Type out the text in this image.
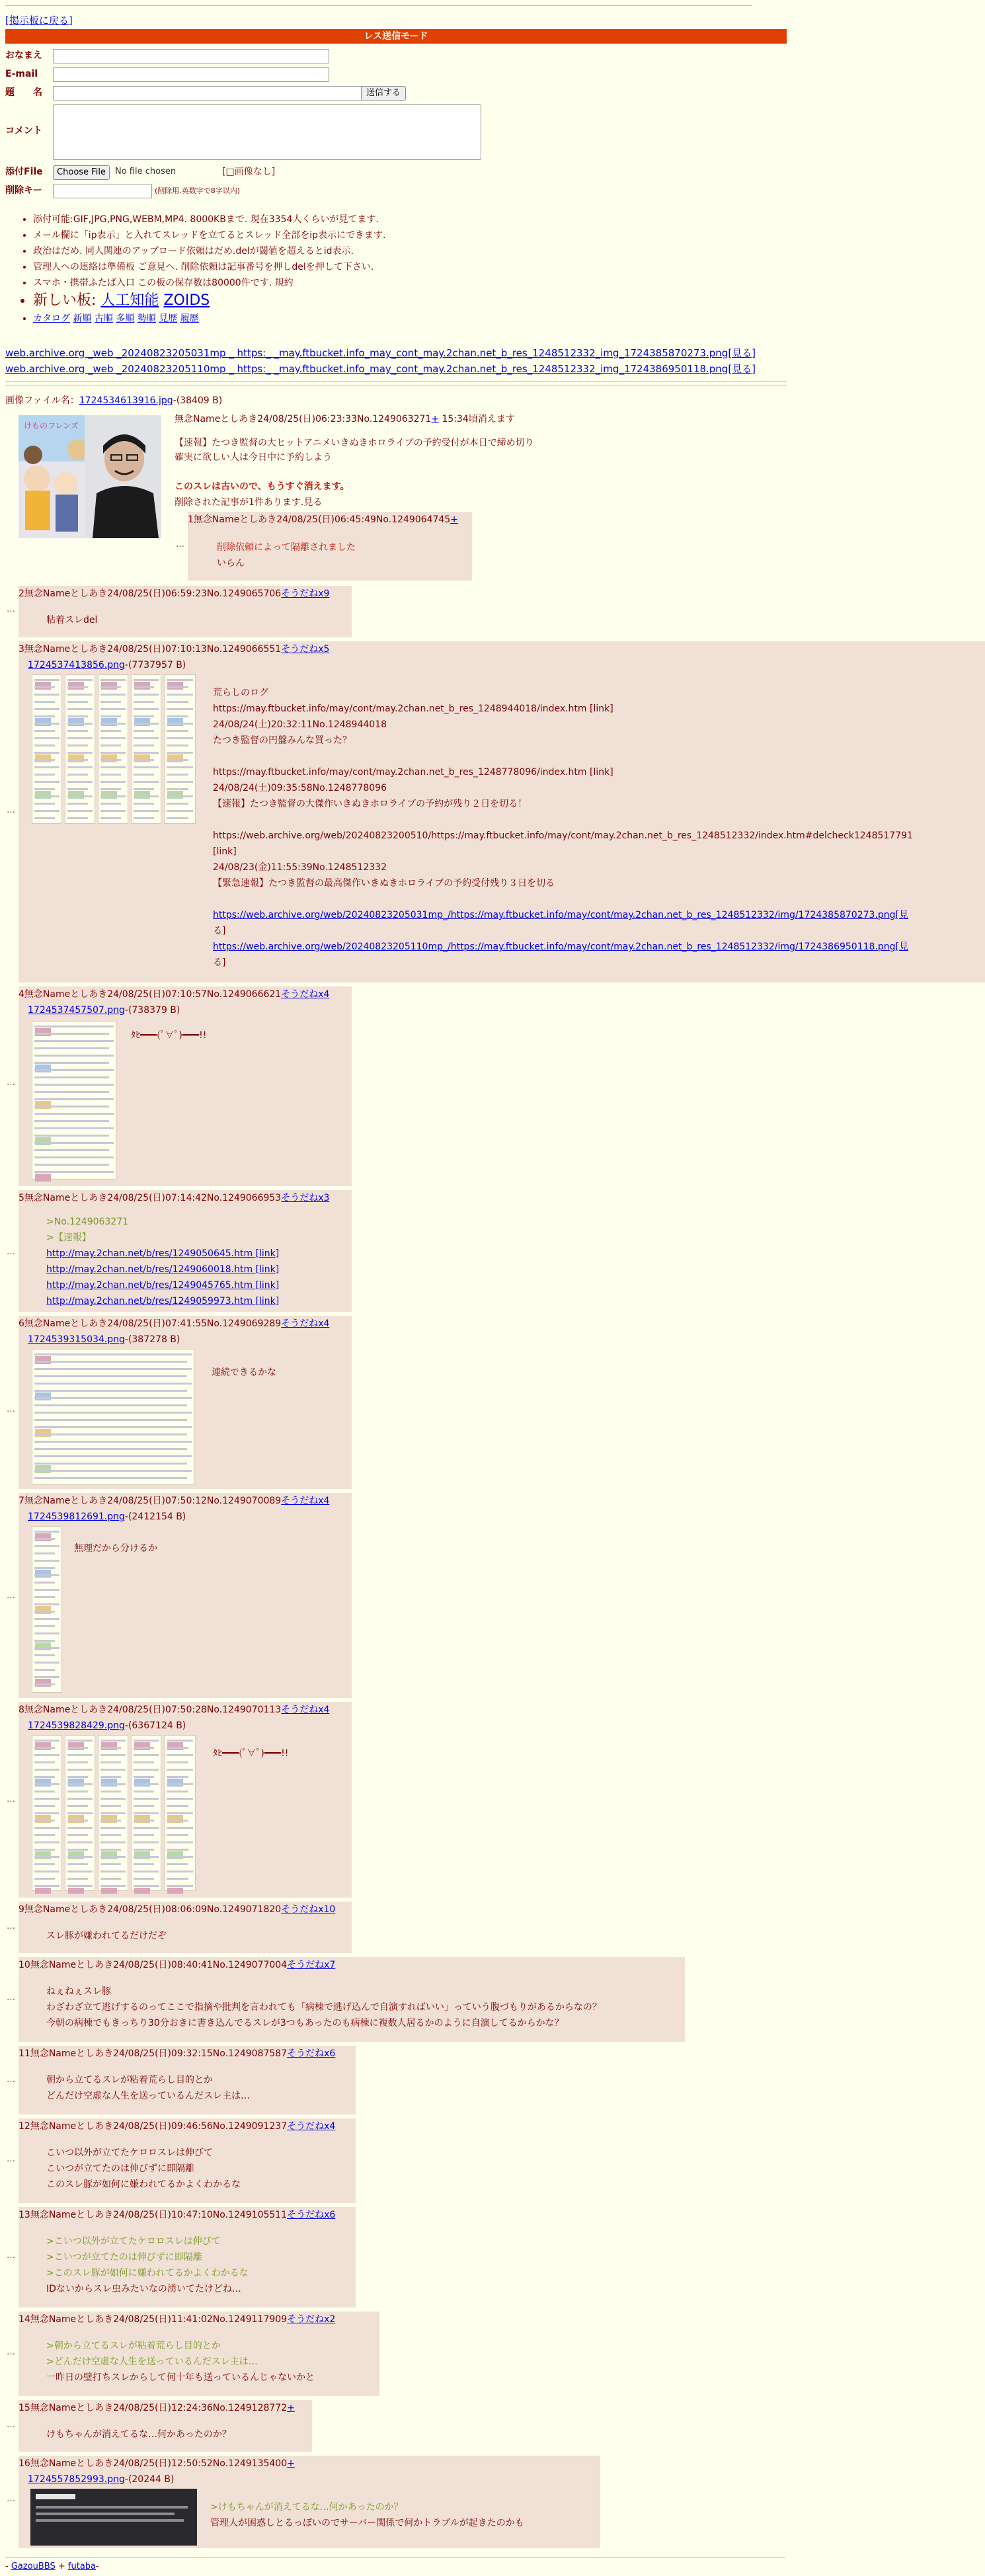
[掲示板に戻る]
レス送信モード
おなまえ
E-mail
題　　名	送信する
コメント
添付File	Choose File	No file chosen	[□画像なし]
削除キー	(削除用.英数字で8字以内)
• 添付可能:GIF,JPG,PNG,WEBM,MP4. 8000KBまで. 現在3354人くらいが見てます.
• メール欄に「ip表示」と入れてスレッドを立てるとスレッド全部をip表示にできます.
• 政治はだめ. 同人関連のアップロード依頼はだめ.delが閾値を超えるとid表示.
• 管理人への連絡は準備板 ご意見へ. 削除依頼は記事番号を押しdelを押して下さい.
• スマホ・携帯ふたば入口 この板の保存数は80000件です. 規約
• 新しい板: 人工知能 ZOIDS
• カタログ 新順 古順 多順 勢順 見歴 履歴
web.archive.org _web _20240823205031mp _ https:_ _may.ftbucket.info_may_cont_may.2chan.net_b_res_1248512332_img_1724385870273.png[見る]
web.archive.org _web _20240823205110mp _ https:_ _may.ftbucket.info_may_cont_may.2chan.net_b_res_1248512332_img_1724386950118.png[見る]
画像ファイル名：1724534613916.jpg-(38409 B)
けものフレンズ
無念Nameとしあき24/08/25(日)06:23:33No.1249063271+ 15:34頃消えます
【速報】たつき監督の大ヒットアニメいきぬきホロライブの予約受付が本日で締め切り
確実に欲しい人は今日中に予約しよう
このスレは古いので、もうすぐ消えます。
削除された記事が1件あります.見る
…
1無念Nameとしあき24/08/25(日)06:45:49No.1249064745+
削除依頼によって隔離されました
いらん
…
2無念Nameとしあき24/08/25(日)06:59:23No.1249065706そうだねx9
粘着スレdel
…
3無念Nameとしあき24/08/25(日)07:10:13No.1249066551そうだねx5
1724537413856.png-(7737957 B)
荒らしのログ
https://may.ftbucket.info/may/cont/may.2chan.net_b_res_1248944018/index.htm [link]
24/08/24(土)20:32:11No.1248944018
たつき監督の円盤みんな買った？
https://may.ftbucket.info/may/cont/may.2chan.net_b_res_1248778096/index.htm [link]
24/08/24(土)09:35:58No.1248778096
【速報】たつき監督の大傑作いきぬきホロライブの予約が残り２日を切る！
https://web.archive.org/web/20240823200510/https://may.ftbucket.info/may/cont/may.2chan.net_b_res_1248512332/index.htm#delcheck1248517791
[link]
24/08/23(金)11:55:39No.1248512332
【緊急速報】たつき監督の最高傑作いきぬきホロライブの予約受付残り３日を切る
https://web.archive.org/web/20240823205031mp_/https://may.ftbucket.info/may/cont/may.2chan.net_b_res_1248512332/img/1724385870273.png[見

る]
https://web.archive.org/web/20240823205110mp_/https://may.ftbucket.info/may/cont/may.2chan.net_b_res_1248512332/img/1724386950118.png[見

る]
…
4無念Nameとしあき24/08/25(日)07:10:57No.1249066621そうだねx4
1724537457507.png-(738379 B)
ﾀﾋ━━━(ﾟ∀ﾟ)━━━!!
…
5無念Nameとしあき24/08/25(日)07:14:42No.1249066953そうだねx3
>No.1249063271
>【速報】
http://may.2chan.net/b/res/1249050645.htm [link]
http://may.2chan.net/b/res/1249060018.htm [link]
http://may.2chan.net/b/res/1249045765.htm [link]
http://may.2chan.net/b/res/1249059973.htm [link]
…
6無念Nameとしあき24/08/25(日)07:41:55No.1249069289そうだねx4
1724539315034.png-(387278 B)
連続できるかな
…
7無念Nameとしあき24/08/25(日)07:50:12No.1249070089そうだねx4
1724539812691.png-(2412154 B)
無理だから分けるか
…
8無念Nameとしあき24/08/25(日)07:50:28No.1249070113そうだねx4
1724539828429.png-(6367124 B)
ﾀﾋ━━━(ﾟ∀ﾟ)━━━!!
…
9無念Nameとしあき24/08/25(日)08:06:09No.1249071820そうだねx10
スレ豚が嫌われてるだけだぞ
…
10無念Nameとしあき24/08/25(日)08:40:41No.1249077004そうだねx7
ねぇねぇスレ豚
わざわざ立て逃げするのってここで指摘や批判を言われても「病棟で逃げ込んで自演すればいい」っていう腹づもりがあるからなの？
今朝の病棟でもきっちり30分おきに書き込んでるスレが3つもあったのも病棟に複数人居るかのように自演してるからかな？
…
11無念Nameとしあき24/08/25(日)09:32:15No.1249087587そうだねx6
朝から立てるスレが粘着荒らし目的とか
どんだけ空虚な人生を送っているんだスレ主は…
…
12無念Nameとしあき24/08/25(日)09:46:56No.1249091237そうだねx4
こいつ以外が立てたケロロスレは伸びて
こいつが立てたのは伸びずに即隔離
このスレ豚が如何に嫌われてるかよくわかるな
…
13無念Nameとしあき24/08/25(日)10:47:10No.1249105511そうだねx6
>こいつ以外が立てたケロロスレは伸びて
>こいつが立てたのは伸びずに即隔離
>このスレ豚が如何に嫌われてるかよくわかるな
IDないからスレ虫みたいなの湧いてたけどね…
…
14無念Nameとしあき24/08/25(日)11:41:02No.1249117909そうだねx2
>朝から立てるスレが粘着荒らし目的とか
>どんだけ空虚な人生を送っているんだスレ主は…
一昨日の壁打ちスレからして何十年も送っているんじゃないかと
…
15無念Nameとしあき24/08/25(日)12:24:36No.1249128772+
けもちゃんが消えてるな…何かあったのか？
…
16無念Nameとしあき24/08/25(日)12:50:52No.1249135400+
1724557852993.png-(20244 B)
>けもちゃんが消えてるな…何かあったのか？
管理人が困惑しとるっぽいのでサーバー関係で何かトラブルが起きたのかも
- GazouBBS + futaba-
